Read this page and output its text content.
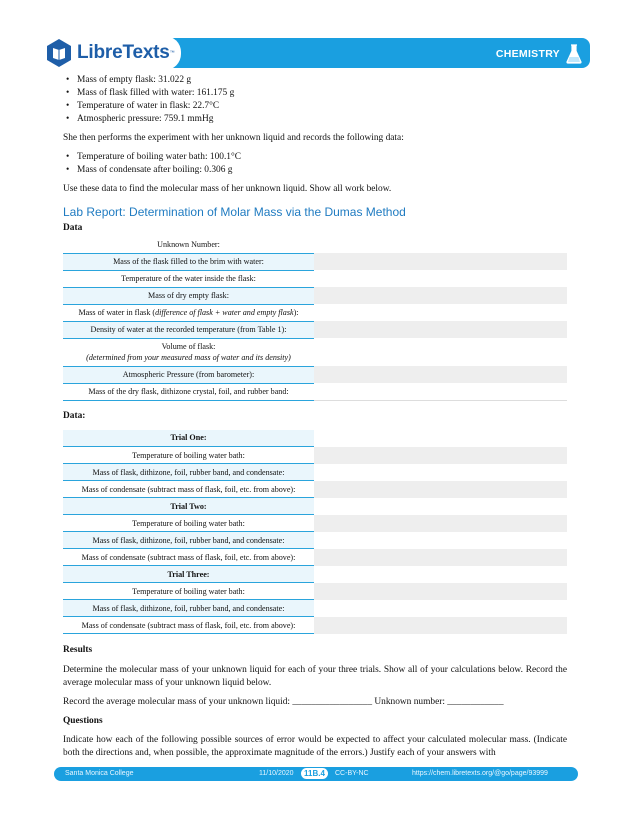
CHEMISTRY
LibreTexts ™
• Mass of empty flask: 31.022 g
• Mass of flask filled with water: 161.175 g
• Temperature of water in flask: 22.7°C
• Atmospheric pressure: 759.1 mmHg

She then performs the experiment with her unknown liquid and records the following data:

• Temperature of boiling water bath: 100.1°C
• Mass of condensate after boiling: 0.306 g

Use these data to find the molecular mass of her unknown liquid. Show all work below.

Lab Report: Determination of Molar Mass via the Dumas Method
Data
Unknown Number:	
Mass of the flask filled to the brim with water:	
Temperature of the water inside the flask:	
Mass of dry empty flask:	
Mass of water in flask (difference of flask + water and empty flask):	
Density of water at the recorded temperature (from Table 1):	

Volume of flask:
(determined from your measured mass of water and its density)	
Atmospheric Pressure (from barometer):	
Mass of the dry flask, dithizone crystal, foil, and rubber band:	
Data:
Trial One:	
Temperature of boiling water bath:	
Mass of flask, dithizone, foil, rubber band, and condensate:	
Mass of condensate (subtract mass of flask, foil, etc. from above):	
Trial Two:	
Temperature of boiling water bath:	
Mass of flask, dithizone, foil, rubber band, and condensate:	
Mass of condensate (subtract mass of flask, foil, etc. from above):	
Trial Three:	
Temperature of boiling water bath:	
Mass of flask, dithizone, foil, rubber band, and condensate:	
Mass of condensate (subtract mass of flask, foil, etc. from above):	
Results

Determine the molecular mass of your unknown liquid for each of your three trials. Show all of your calculations below. Record the average molecular mass of your unknown liquid below.

Record the average molecular mass of your unknown liquid: _________________ Unknown number: ____________

Questions

Indicate how each of the following possible sources of error would be expected to affect your calculated molecular mass. (Indicate both the directions and, when possible, the approximate magnitude of the errors.) Justify each of your answers with

Santa Monica College	11/10/2020	11B.4	CC-BY-NC	https://chem.libretexts.org/@go/page/93999
